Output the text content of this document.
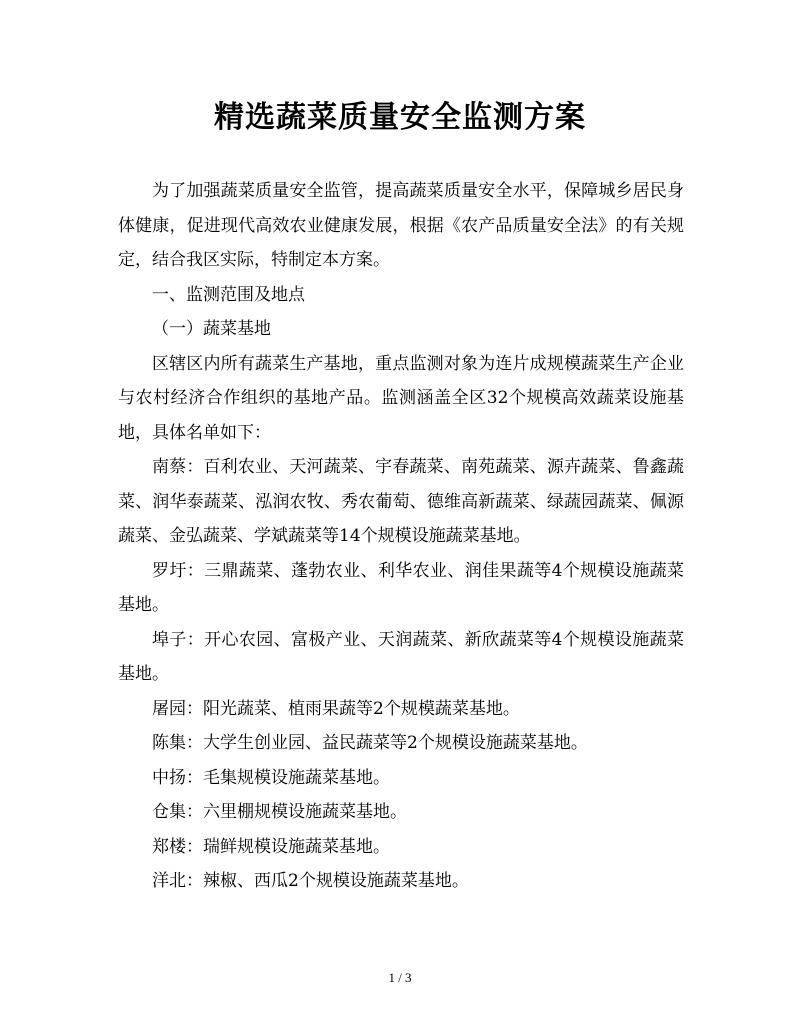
精选蔬菜质量安全监测方案

为了加强蔬菜质量安全监管，提高蔬菜质量安全水平，保障城乡居民身体健康，促进现代高效农业健康发展，根据《农产品质量安全法》的有关规定，结合我区实际，特制定本方案。

一、监测范围及地点

（一）蔬菜基地

区辖区内所有蔬菜生产基地，重点监测对象为连片成规模蔬菜生产企业与农村经济合作组织的基地产品。监测涵盖全区32个规模高效蔬菜设施基地，具体名单如下：

南蔡：百利农业、天河蔬菜、宇春蔬菜、南苑蔬菜、源卉蔬菜、鲁鑫蔬菜、润华泰蔬菜、泓润农牧、秀农葡萄、德维高新蔬菜、绿蔬园蔬菜、佩源蔬菜、金弘蔬菜、学斌蔬菜等14个规模设施蔬菜基地。

罗圩：三鼎蔬菜、蓬勃农业、利华农业、润佳果蔬等4个规模设施蔬菜基地。

埠子：开心农园、富极产业、天润蔬菜、新欣蔬菜等4个规模设施蔬菜基地。

屠园：阳光蔬菜、植雨果蔬等2个规模蔬菜基地。

陈集：大学生创业园、益民蔬菜等2个规模设施蔬菜基地。

中扬：毛集规模设施蔬菜基地。

仓集：六里棚规模设施蔬菜基地。

郑楼：瑞鲜规模设施蔬菜基地。

洋北：辣椒、西瓜2个规模设施蔬菜基地。

1 / 3
